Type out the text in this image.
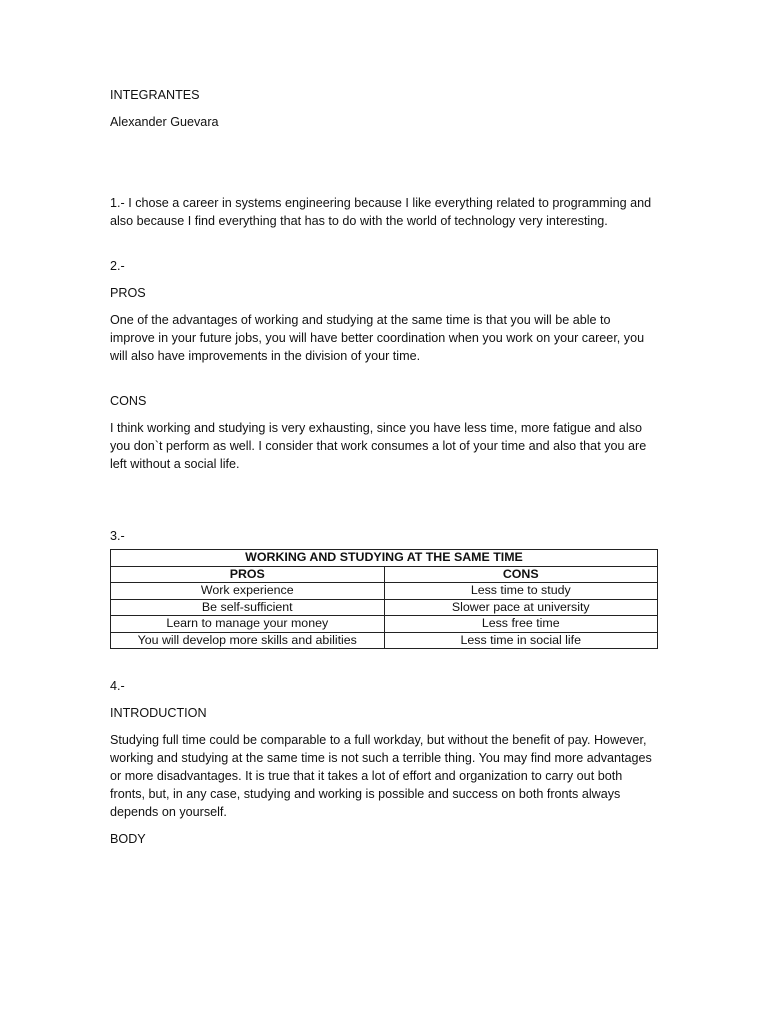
INTEGRANTES

Alexander Guevara

1.- I chose a career in systems engineering because I like everything related to programming and also because I find everything that has to do with the world of technology very interesting.

2.-

PROS

One of the advantages of working and studying at the same time is that you will be able to improve in your future jobs, you will have better coordination when you work on your career, you will also have improvements in the division of your time.

CONS

I think working and studying is very exhausting, since you have less time, more fatigue and also you don`t perform as well. I consider that work consumes a lot of your time and also that you are left without a social life.

3.-

WORKING AND STUDYING AT THE SAME TIME	
PROS	CONS
Work experience	Less time to study
Be self-sufficient	Slower pace at university
Learn to manage your money	Less free time
You will develop more skills and abilities	Less time in social life

4.-

INTRODUCTION

Studying full time could be comparable to a full workday, but without the benefit of pay. However, working and studying at the same time is not such a terrible thing. You may find more advantages or more disadvantages. It is true that it takes a lot of effort and organization to carry out both fronts, but, in any case, studying and working is possible and success on both fronts always depends on yourself.

BODY
